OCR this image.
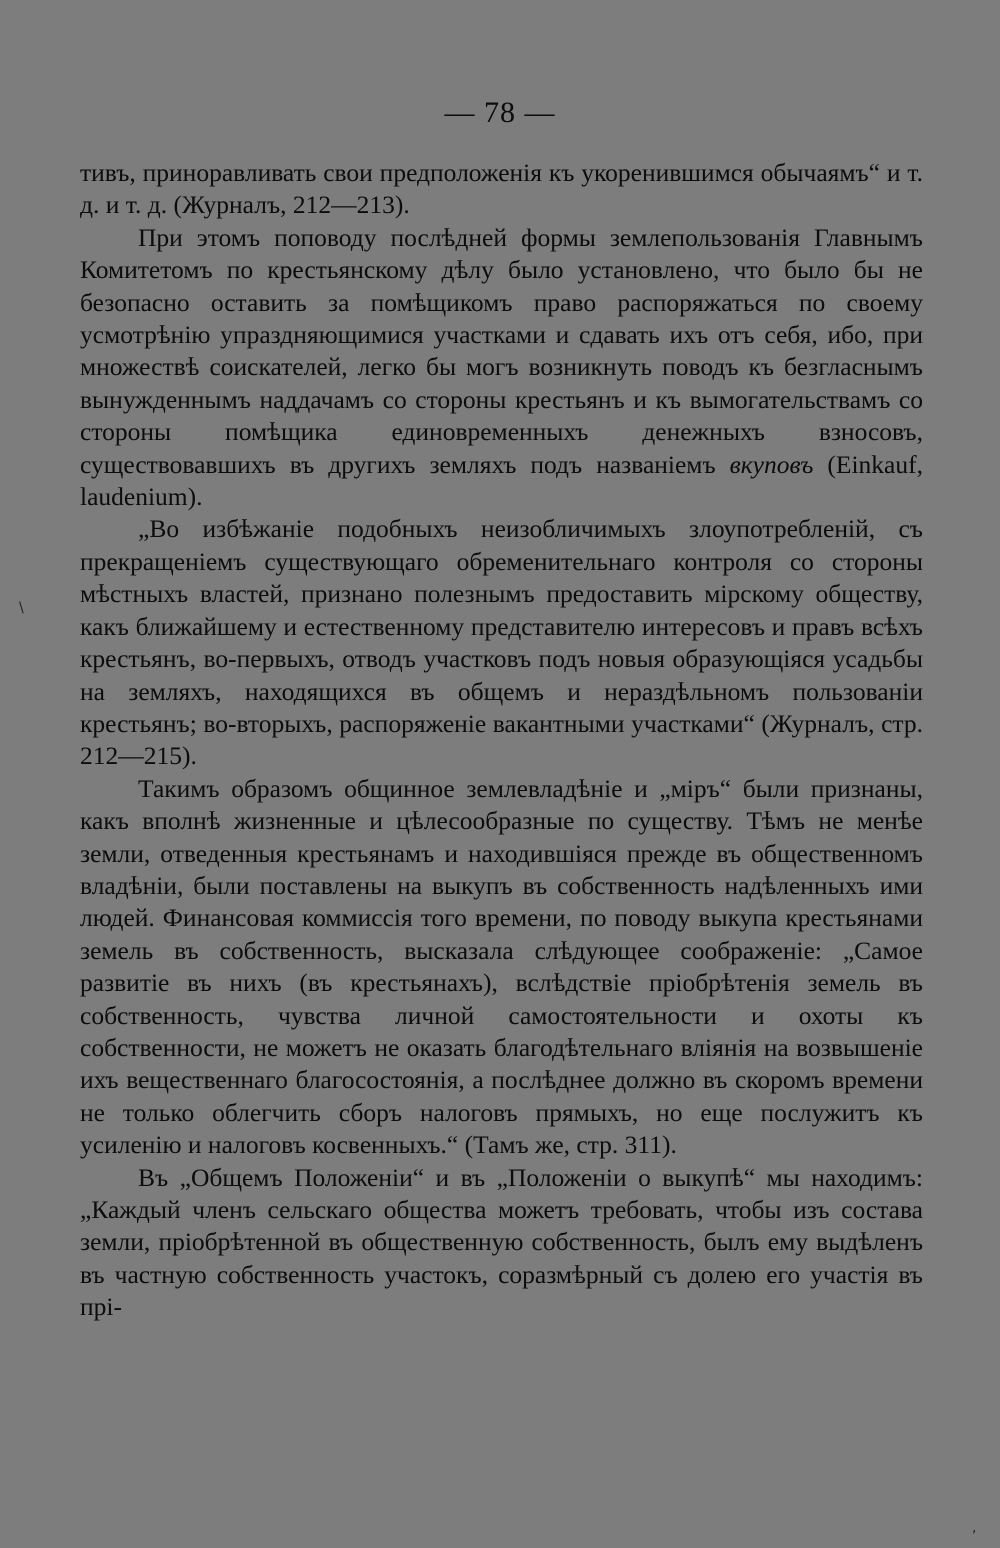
— 78 —

тивъ, приноравливать свои предположенія къ укоренившимся обычаямъ“ и т. д. и т. д. (Журналъ, 212—213).

При этомъ поповоду послѣдней формы землепользованія Главнымъ Комитетомъ по крестьянскому дѣлу было установлено, что было бы не безопасно оставить за помѣщикомъ право распоряжаться по своему усмотрѣнію упраздняющимися участками и сдавать ихъ отъ себя, ибо, при множествѣ соискателей, легко бы могъ возникнуть поводъ къ безгласнымъ вынужденнымъ наддачамъ со стороны крестьянъ и къ вымогательствамъ со стороны помѣщика единовременныхъ денежныхъ взносовъ, существовавшихъ въ другихъ земляхъ подъ названіемъ вкуповъ (Einkauf, laudenium).

„Во избѣжаніе подобныхъ неизобличимыхъ злоупотребленій, съ прекращеніемъ существующаго обременительнаго контроля со стороны мѣстныхъ властей, признано полезнымъ предоставить мірскому обществу, какъ ближайшему и естественному представителю интересовъ и правъ всѣхъ крестьянъ, во-первыхъ, отводъ участковъ подъ новыя образующіяся усадьбы на земляхъ, находящихся въ общемъ и нераздѣльномъ пользованіи крестьянъ; во-вторыхъ, распоряженіе вакантными участками“ (Журналъ, стр. 212—215).

Такимъ образомъ общинное землевладѣніе и „міръ“ были признаны, какъ вполнѣ жизненные и цѣлесообразные по существу. Тѣмъ не менѣе земли, отведенныя крестьянамъ и находившіяся прежде въ общественномъ владѣніи, были поставлены на выкупъ въ собственность надѣленныхъ ими людей. Финансовая коммиссія того времени, по поводу выкупа крестьянами земель въ собственность, высказала слѣдующее соображеніе: „Самое развитіе въ нихъ (въ крестьянахъ), вслѣдствіе пріобрѣтенія земель въ собственность, чувства личной самостоятельности и охоты къ собственности, не можетъ не оказать благодѣтельнаго вліянія на возвышеніе ихъ вещественнаго благосостоянія, а послѣднее должно въ скоромъ времени не только облегчить сборъ налоговъ прямыхъ, но еще послужитъ къ усиленію и налоговъ косвенныхъ.“ (Тамъ же, стр. 311).

Въ „Общемъ Положеніи“ и въ „Положеніи о выкупѣ“ мы находимъ: „Каждый членъ сельскаго общества можетъ требовать, чтобы изъ состава земли, пріобрѣтенной въ общественную собственность, былъ ему выдѣленъ въ частную собственность участокъ, соразмѣрный съ долею его участія въ прі-

\
,
